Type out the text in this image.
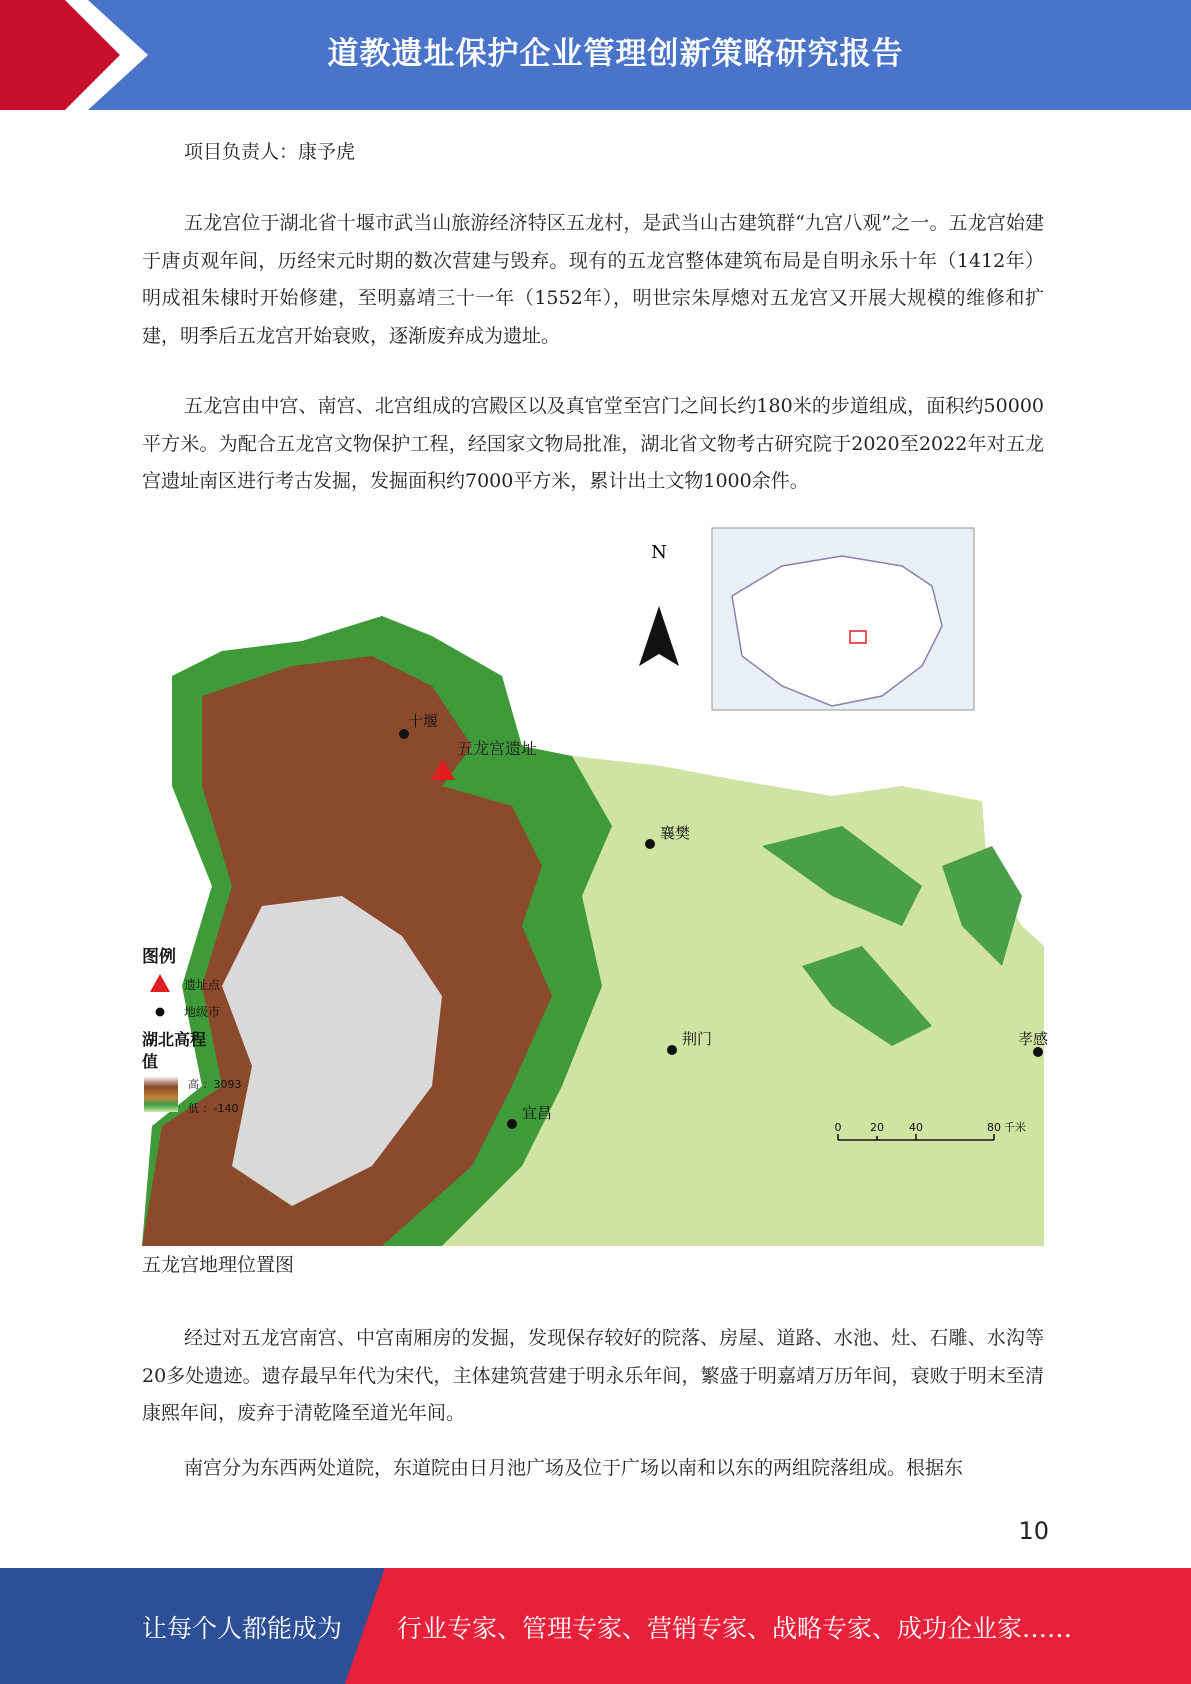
道教遗址保护企业管理创新策略研究报告

项目负责人：康予虎

五龙宫位于湖北省十堰市武当山旅游经济特区五龙村，是武当山古建筑群“九宫八观”之一。五龙宫始建于唐贞观年间，历经宋元时期的数次营建与毁弃。现有的五龙宫整体建筑布局是自明永乐十年（1412年）明成祖朱棣时开始修建，至明嘉靖三十一年（1552年），明世宗朱厚熜对五龙宫又开展大规模的维修和扩建，明季后五龙宫开始衰败，逐渐废弃成为遗址。

五龙宫由中宫、南宫、北宫组成的宫殿区以及真官堂至宫门之间长约180米的步道组成，面积约50000平方米。为配合五龙宫文物保护工程，经国家文物局批准，湖北省文物考古研究院于2020至2022年对五龙宫遗址南区进行考古发掘，发掘面积约7000平方米，累计出土文物1000余件。

N
五龙宫遗址
十堰
襄樊
荆门	孝感
宜昌
图例
遗址点
地级市
湖北高程
值
高 ：3093
低 ：-140
0	20 40	80 千米
五龙宫地理位置图

经过对五龙宫南宫、中宫南厢房的发掘，发现保存较好的院落、房屋、道路、水池、灶、石雕、水沟等20多处遗迹。遗存最早年代为宋代，主体建筑营建于明永乐年间，繁盛于明嘉靖万历年间，衰败于明末至清康熙年间，废弃于清乾隆至道光年间。

南宫分为东西两处道院，东道院由日月池广场及位于广场以南和以东的两组院落组成。根据东

10
让每个人都能成为 行业专家、管理专家、营销专家、战略专家、成功企业家……
